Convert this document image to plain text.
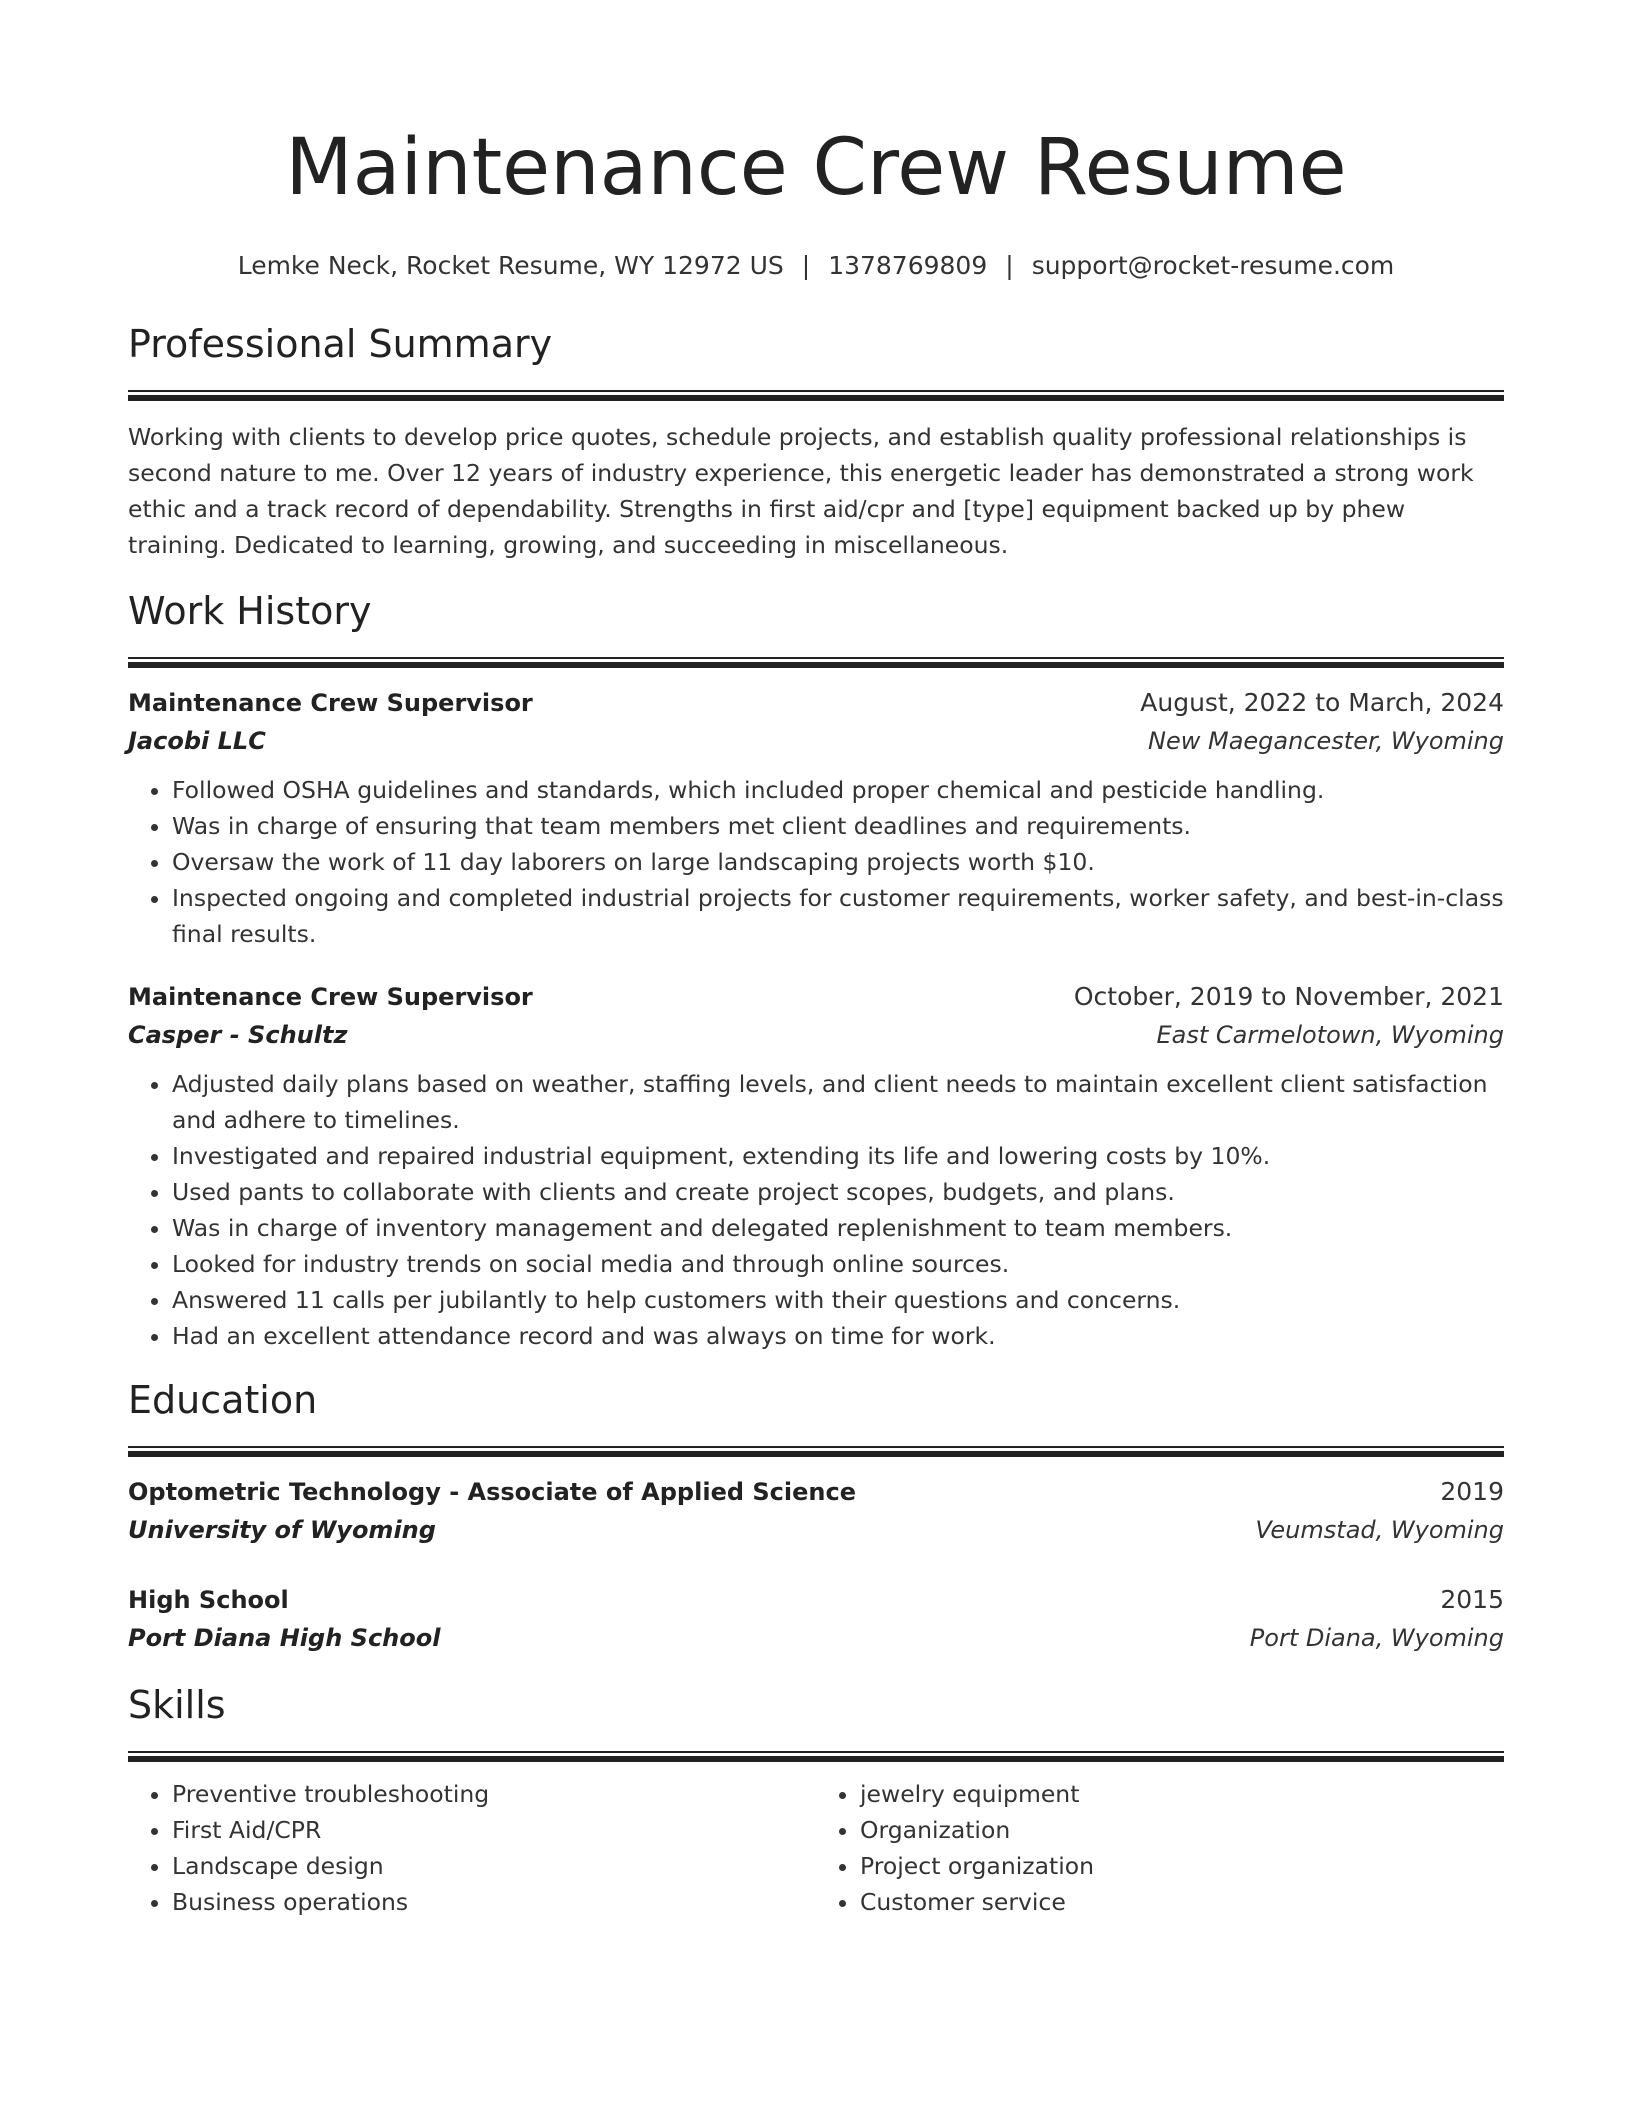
Maintenance Crew Resume
Lemke Neck, Rocket Resume, WY 12972 US | 1378769809 | support@rocket-resume.com
Professional Summary

Working with clients to develop price quotes, schedule projects, and establish quality professional relationships is second nature to me. Over 12 years of industry experience, this energetic leader has demonstrated a strong work ethic and a track record of dependability. Strengths in first aid/cpr and [type] equipment backed up by phew training. Dedicated to learning, growing, and succeeding in miscellaneous.

Work History
Maintenance Crew Supervisor	August, 2022 to March, 2024
Jacobi LLC	New Maegancester, Wyoming
• Followed OSHA guidelines and standards, which included proper chemical and pesticide handling.
• Was in charge of ensuring that team members met client deadlines and requirements.
• Oversaw the work of 11 day laborers on large landscaping projects worth $10.
• Inspected ongoing and completed industrial projects for customer requirements, worker safety, and best-in-class final results.
Maintenance Crew Supervisor	October, 2019 to November, 2021
Casper - Schultz	East Carmelotown, Wyoming
• Adjusted daily plans based on weather, staffing levels, and client needs to maintain excellent client satisfaction and adhere to timelines.
• Investigated and repaired industrial equipment, extending its life and lowering costs by 10%.
• Used pants to collaborate with clients and create project scopes, budgets, and plans.
• Was in charge of inventory management and delegated replenishment to team members.
• Looked for industry trends on social media and through online sources.
• Answered 11 calls per jubilantly to help customers with their questions and concerns.
• Had an excellent attendance record and was always on time for work.
Education
Optometric Technology - Associate of Applied Science	2019
University of Wyoming	Veumstad, Wyoming
High School	2015
Port Diana High School	Port Diana, Wyoming
Skills
• Preventive troubleshooting
• First Aid/CPR
• Landscape design
• Business operations
• jewelry equipment
• Organization
• Project organization
• Customer service
